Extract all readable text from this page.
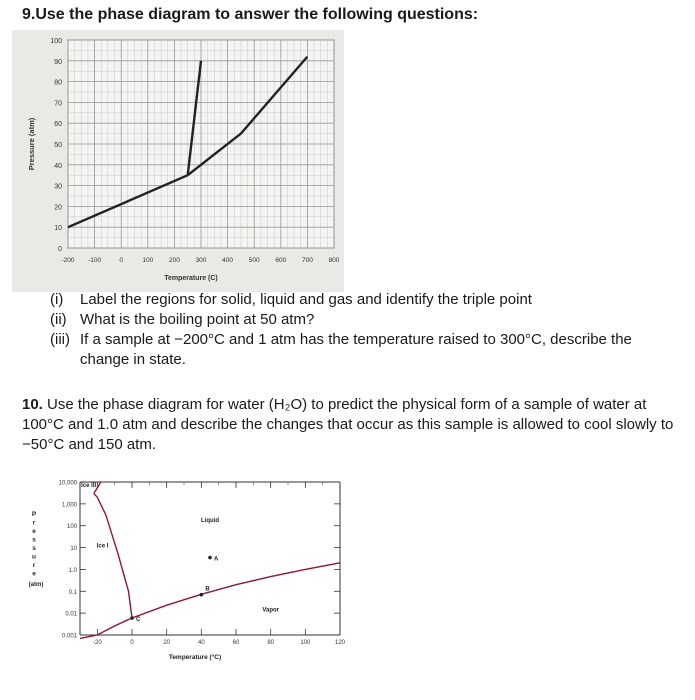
9.Use the phase diagram to answer the following questions:
0
10
20
30
40
50
60
70
80
90
100
-200 -100	0	100 200 300 400 500 600 700 800
Temperature (C)
Pressure (atm)
(i)	Label the regions for solid, liquid and gas and identify the triple point
(ii) What is the boiling point at 50 atm?
(iii) If a sample at −200°C and 1 atm has the temperature raised to 300°C, describe the change in state.
10. Use the phase diagram for water (H₂O) to predict the physical form of a sample of water at 100°C and 1.0 atm and describe the changes that occur as this sample is allowed to cool slowly to −50°C and 150 atm.
0.001
0.01
0.1
1.0
10
100
1,000
10,000
-20	0	20	40	60	80	100	120
A
B
C
Ice III
Liquid
Ice I
Vapor
P
r
e
s
s
u
r
e
(atm)
Temperature (°C)
